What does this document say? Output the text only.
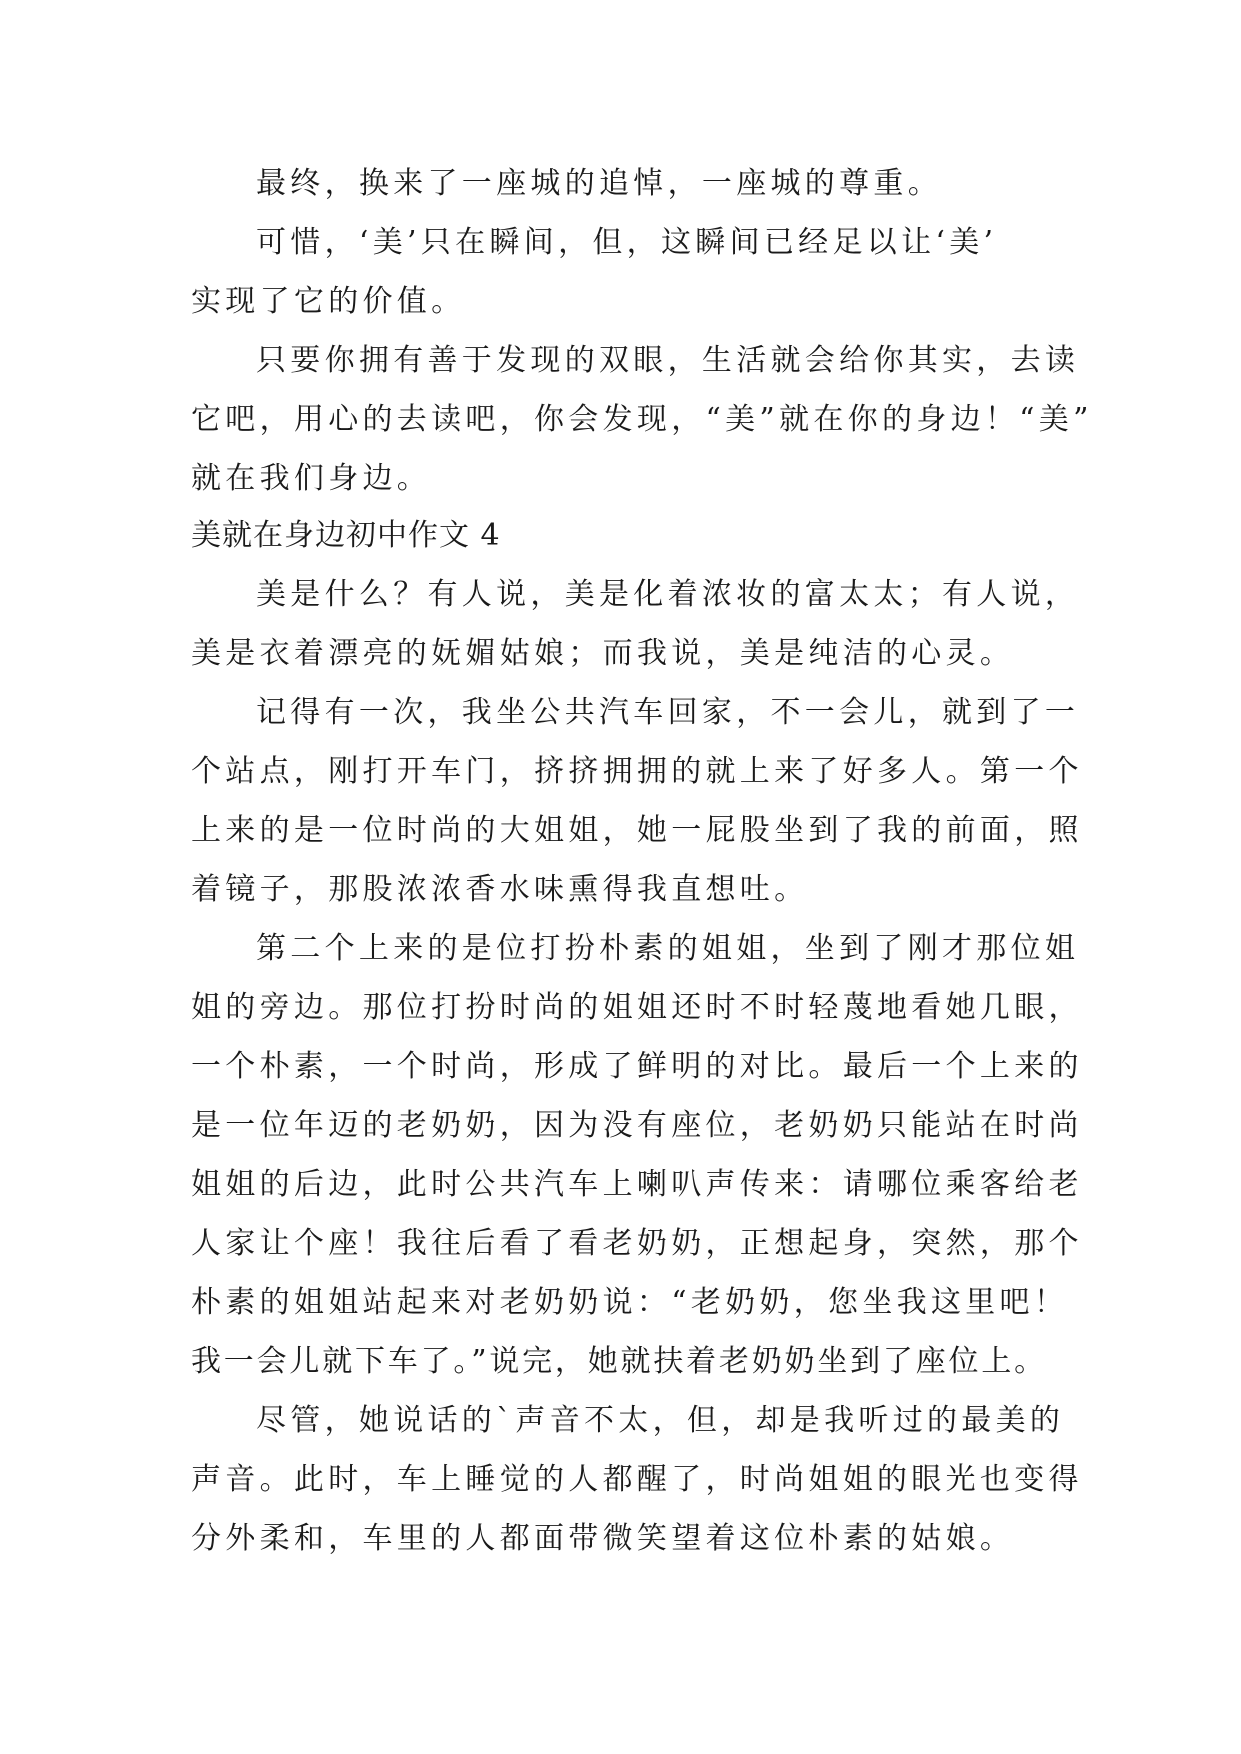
最终，换来了一座城的追悼，一座城的尊重。
可惜，‘美’只在瞬间，但，这瞬间已经足以让‘美’
实现了它的价值。
只要你拥有善于发现的双眼，生活就会给你其实，去读
它吧，用心的去读吧，你会发现，“美”就在你的身边！“美”
就在我们身边。
美就在身边初中作文 4
美是什么？有人说，美是化着浓妆的富太太；有人说，
美是衣着漂亮的妩媚姑娘；而我说，美是纯洁的心灵。
记得有一次，我坐公共汽车回家，不一会儿，就到了一
个站点，刚打开车门，挤挤拥拥的就上来了好多人。第一个
上来的是一位时尚的大姐姐，她一屁股坐到了我的前面，照
着镜子，那股浓浓香水味熏得我直想吐。
第二个上来的是位打扮朴素的姐姐，坐到了刚才那位姐
姐的旁边。那位打扮时尚的姐姐还时不时轻蔑地看她几眼，
一个朴素，一个时尚，形成了鲜明的对比。最后一个上来的
是一位年迈的老奶奶，因为没有座位，老奶奶只能站在时尚
姐姐的后边，此时公共汽车上喇叭声传来：请哪位乘客给老
人家让个座！我往后看了看老奶奶，正想起身，突然，那个
朴素的姐姐站起来对老奶奶说：“老奶奶，您坐我这里吧！
我一会儿就下车了。”说完，她就扶着老奶奶坐到了座位上。
尽管，她说话的`声音不太，但，却是我听过的最美的
声音。此时，车上睡觉的人都醒了，时尚姐姐的眼光也变得
分外柔和，车里的人都面带微笑望着这位朴素的姑娘。
